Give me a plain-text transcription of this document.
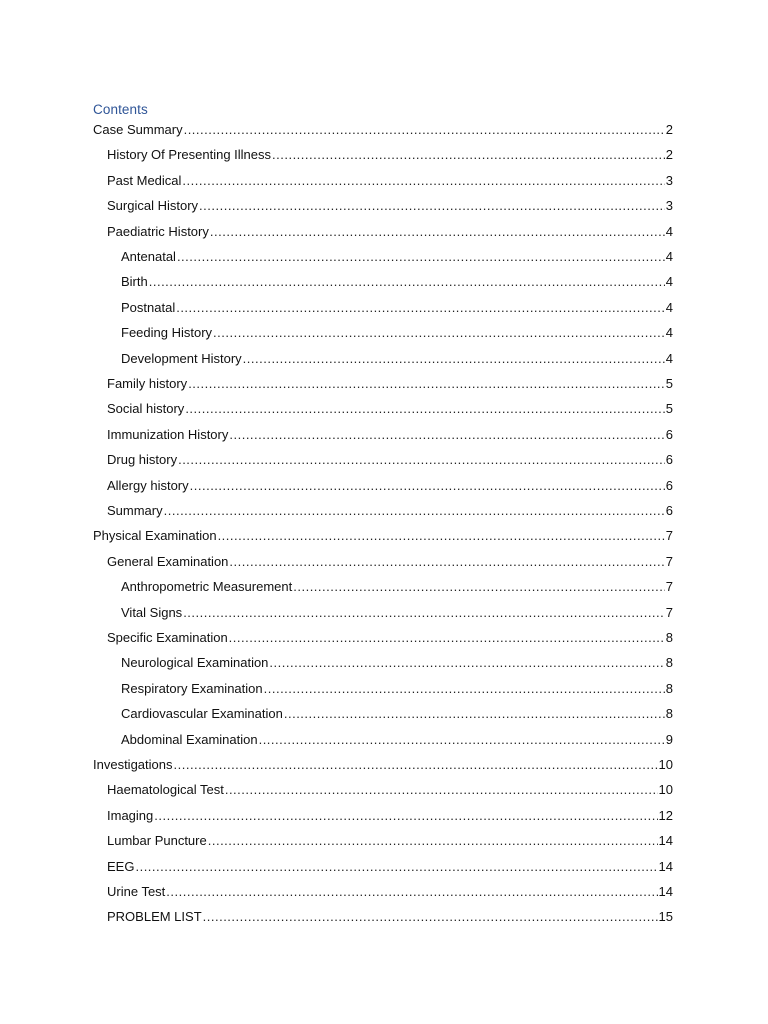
Contents
Case Summary .....	2
History Of Presenting Illness .....	2
Past Medical .....	3
Surgical History .....	3
Paediatric History .....	4
Antenatal .....	4
Birth .....	4
Postnatal .....	4
Feeding History .....	4
Development History .....	4
Family history .....	5
Social history .....	5
Immunization History .....	6
Drug history .....	6
Allergy history .....	6
Summary .....	6
Physical Examination .....	7
General Examination .....	7
Anthropometric Measurement .....	7
Vital Signs .....	7
Specific Examination .....	8
Neurological Examination .....	8
Respiratory Examination .....	8
Cardiovascular Examination .....	8
Abdominal Examination .....	9
Investigations .....	10
Haematological Test .....	10
Imaging .....	12
Lumbar Puncture .....	14
EEG .....	14
Urine Test .....	14
PROBLEM LIST .....	15
